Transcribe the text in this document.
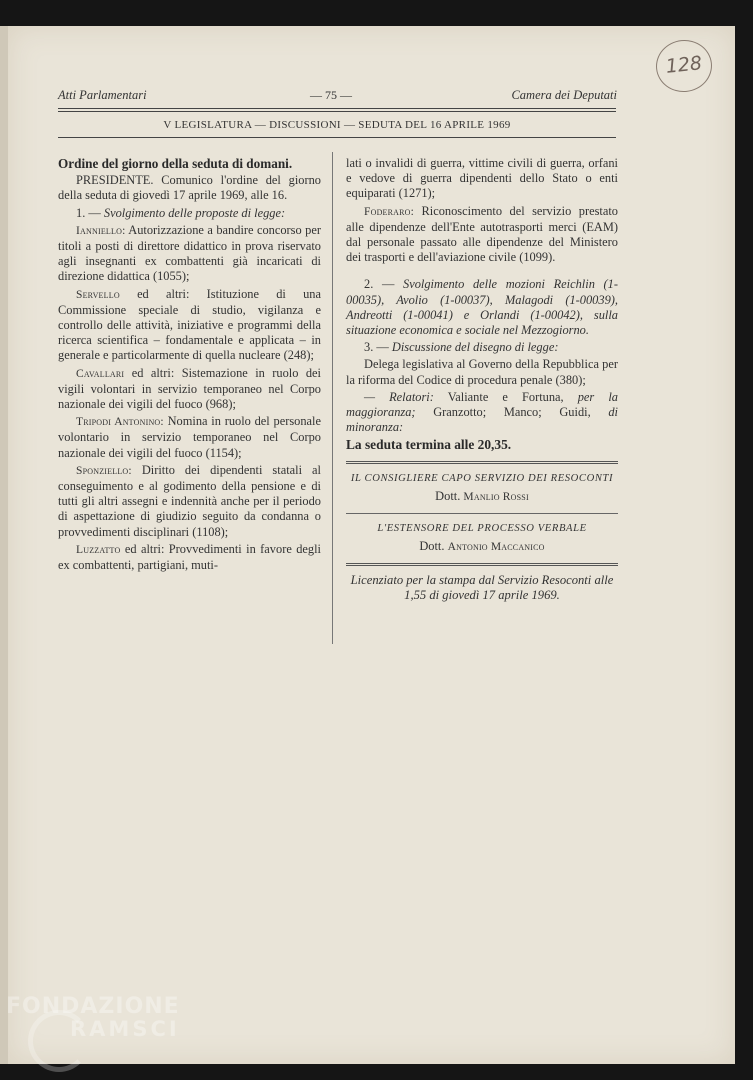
128
Atti Parlamentari	— 75 —	Camera dei Deputati
V LEGISLATURA — DISCUSSIONI — SEDUTA DEL 16 APRILE 1969

Ordine del giorno della seduta di domani.

PRESIDENTE. Comunico l'ordine del giorno della seduta di giovedì 17 aprile 1969, alle 16.

1. — Svolgimento delle proposte di legge:

Ianniello: Autorizzazione a bandire concorso per titoli a posti di direttore didattico in prova riservato agli insegnanti ex combattenti già incaricati di direzione didattica (1055);

Servello ed altri: Istituzione di una Commissione speciale di studio, vigilanza e controllo delle attività, iniziative e programmi della ricerca scientifica – fondamentale e applicata – in generale e particolarmente di quella nucleare (248);

Cavallari ed altri: Sistemazione in ruolo dei vigili volontari in servizio temporaneo nel Corpo nazionale dei vigili del fuoco (968);

Tripodi Antonino: Nomina in ruolo del personale volontario in servizio temporaneo nel Corpo nazionale dei vigili del fuoco (1154);

Sponziello: Diritto dei dipendenti statali al conseguimento e al godimento della pensione e di tutti gli altri assegni e indennità anche per il periodo di aspettazione di giudizio seguito da condanna o provvedimenti disciplinari (1108);

Luzzatto ed altri: Provvedimenti in favore degli ex combattenti, partigiani, muti-

lati o invalidi di guerra, vittime civili di guerra, orfani e vedove di guerra dipendenti dello Stato o enti equiparati (1271);

Foderaro: Riconoscimento del servizio prestato alle dipendenze dell'Ente autotrasporti merci (EAM) dal personale passato alle dipendenze del Ministero dei trasporti e dell'aviazione civile (1099).

2. — Svolgimento delle mozioni Reichlin (1-00035), Avolio (1-00037), Malagodi (1-00039), Andreotti (1-00041) e Orlandi (1-00042), sulla situazione economica e sociale nel Mezzogiorno.

3. — Discussione del disegno di legge:

Delega legislativa al Governo della Repubblica per la riforma del Codice di procedura penale (380);

— Relatori: Valiante e Fortuna, per la maggioranza; Granzotto; Manco; Guidi, di minoranza:

La seduta termina alle 20,35.

IL CONSIGLIERE CAPO SERVIZIO DEI RESOCONTI
Dott. Manlio Rossi
L'ESTENSORE DEL PROCESSO VERBALE
Dott. Antonio Maccanico
Licenziato per la stampa dal Servizio Resoconti alle 1,55 di giovedì 17 aprile 1969.
FONDAZIONE
RAMSCI
